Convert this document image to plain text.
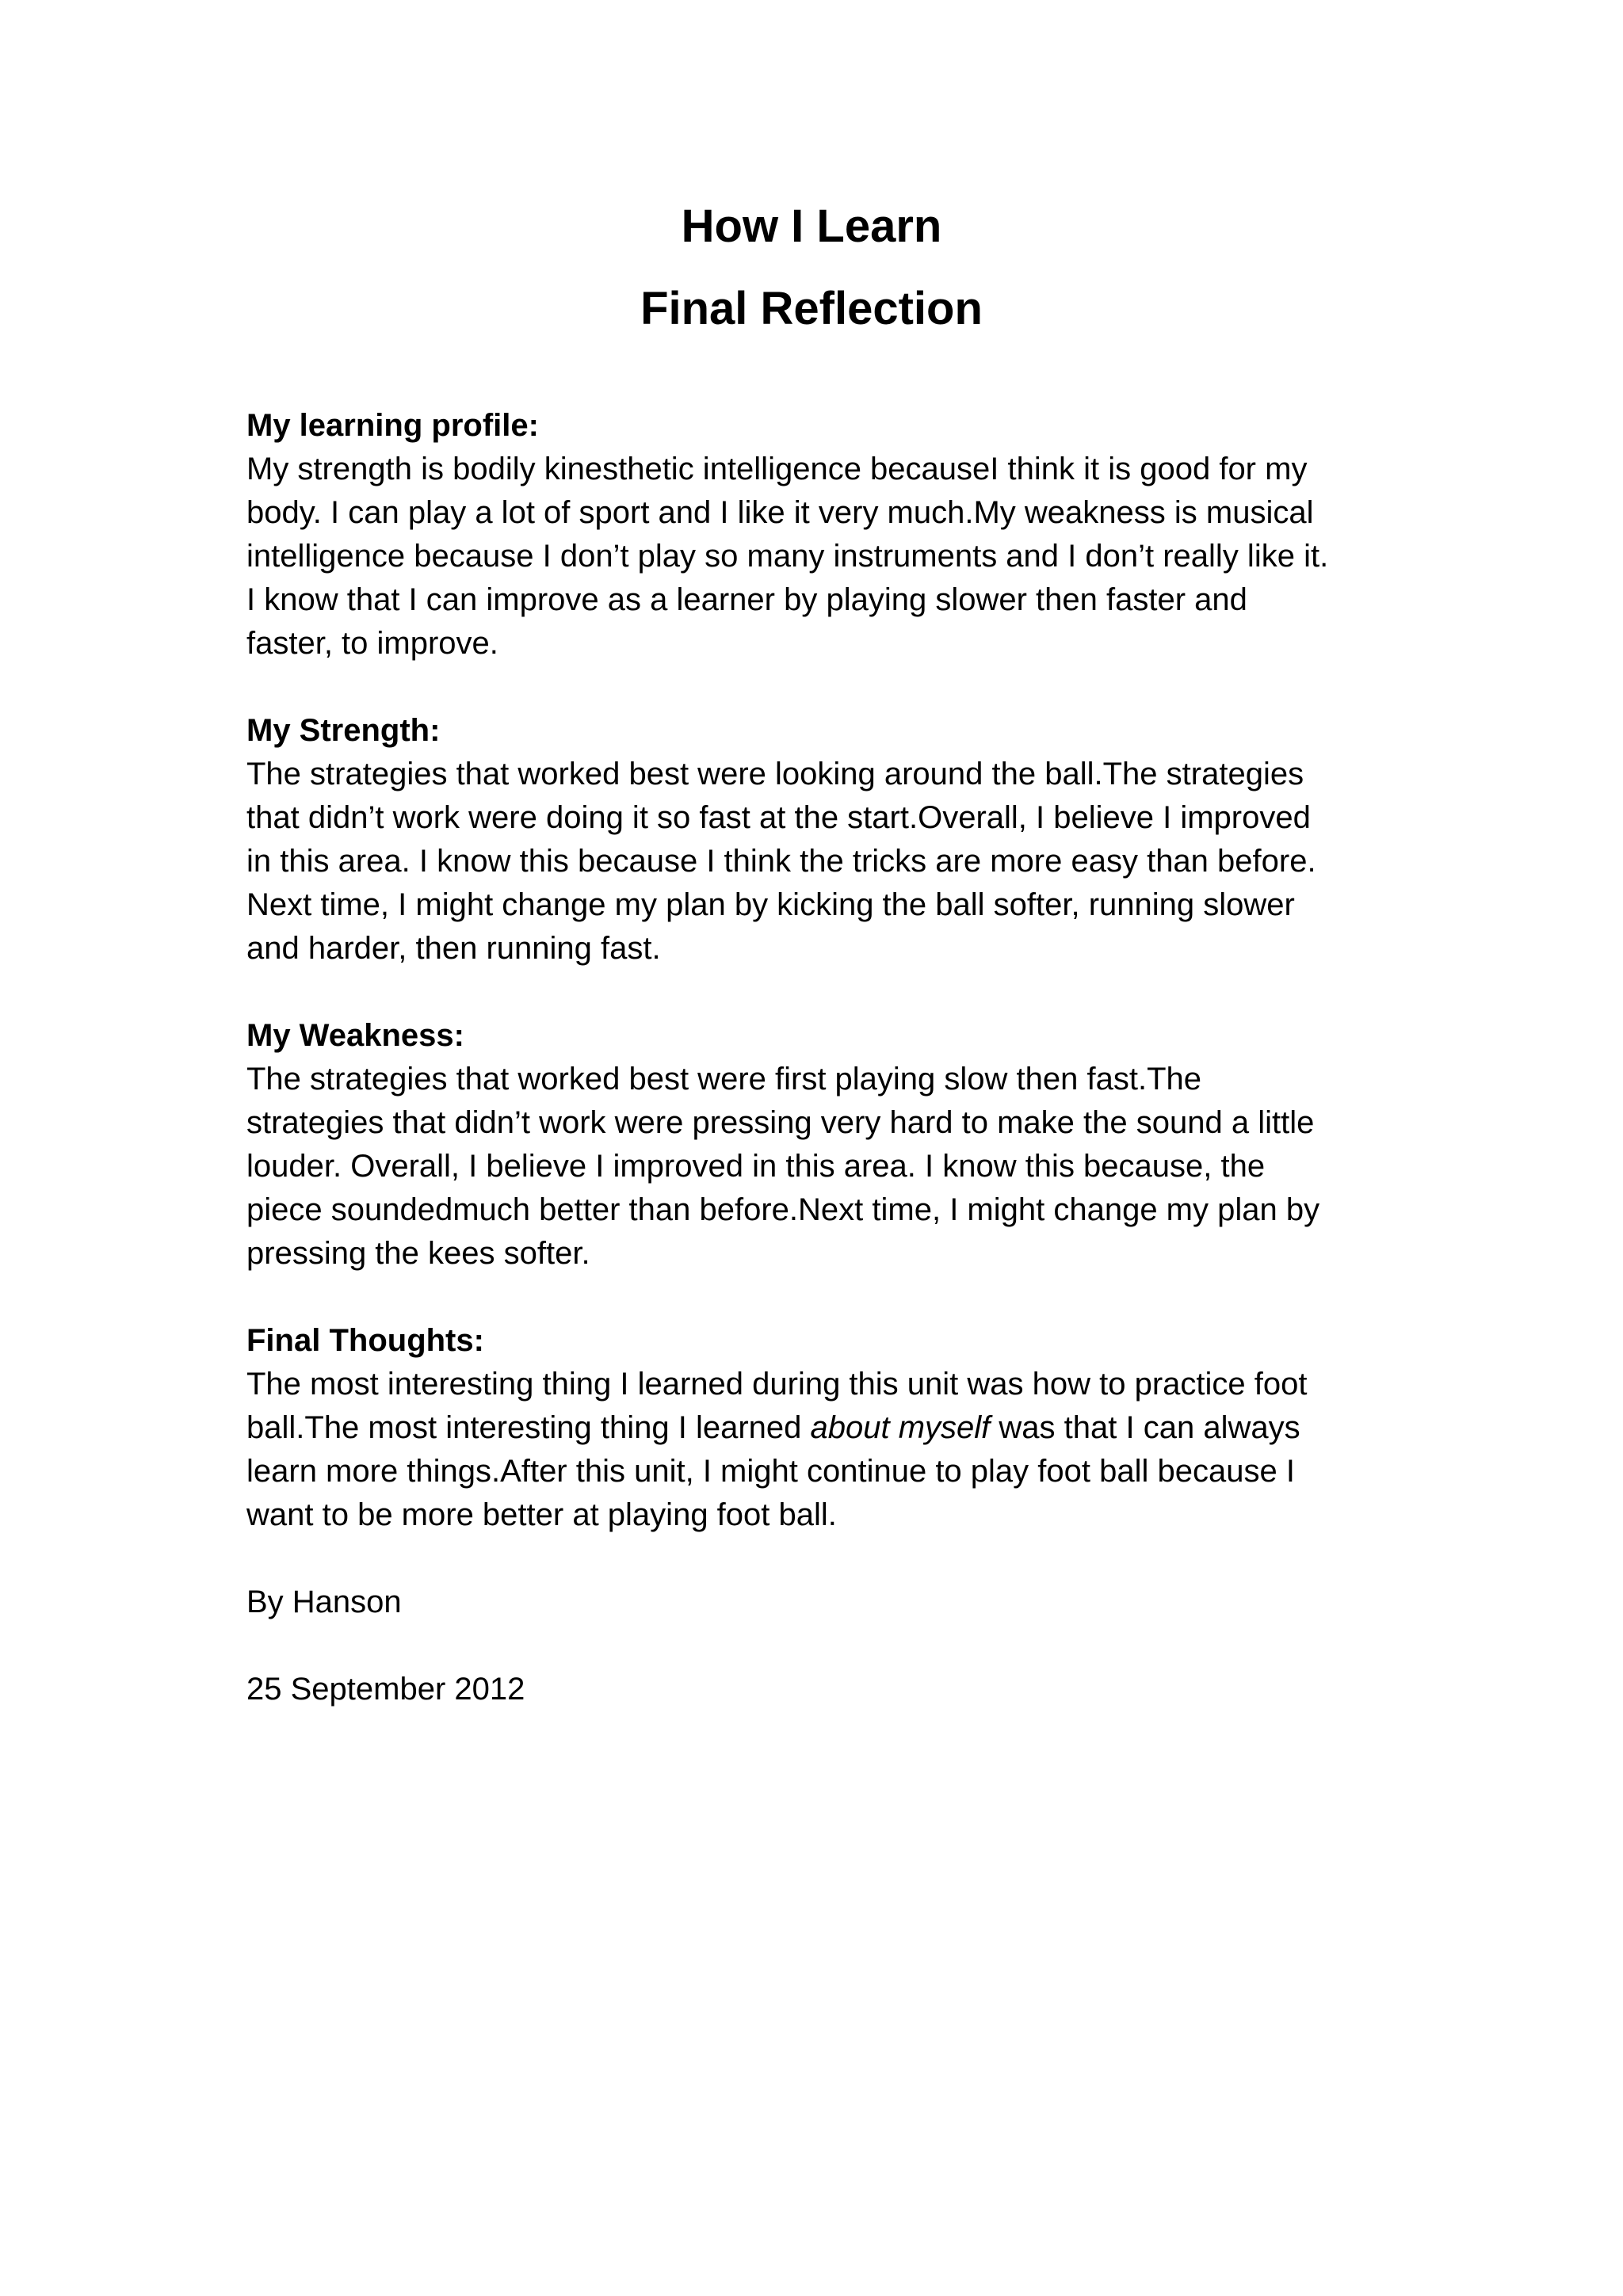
How I Learn

Final Reflection

My learning profile:

My strength is bodily kinesthetic intelligence becauseI think it is good for my
body. I can play a lot of sport and I like it very much.My weakness is musical
intelligence because I don’t play so many instruments and I don’t really like it.
I know that I can improve as a learner by playing slower then faster and
faster, to improve.

My Strength:

The strategies that worked best were looking around the ball.The strategies
that didn’t work were doing it so fast at the start.Overall, I believe I improved
in this area. I know this because I think the tricks are more easy than before.
Next time, I might change my plan by kicking the ball softer, running slower
and harder, then running fast.

My Weakness:

The strategies that worked best were first playing slow then fast.The
strategies that didn’t work were pressing very hard to make the sound a little
louder. Overall, I believe I improved in this area. I know this because, the
piece soundedmuch better than before.Next time, I might change my plan by
pressing the kees softer.

Final Thoughts:

The most interesting thing I learned during this unit was how to practice foot
ball.The most interesting thing I learned about myself was that I can always
learn more things.After this unit, I might continue to play foot ball because I
want to be more better at playing foot ball.

By Hanson

25 September 2012
